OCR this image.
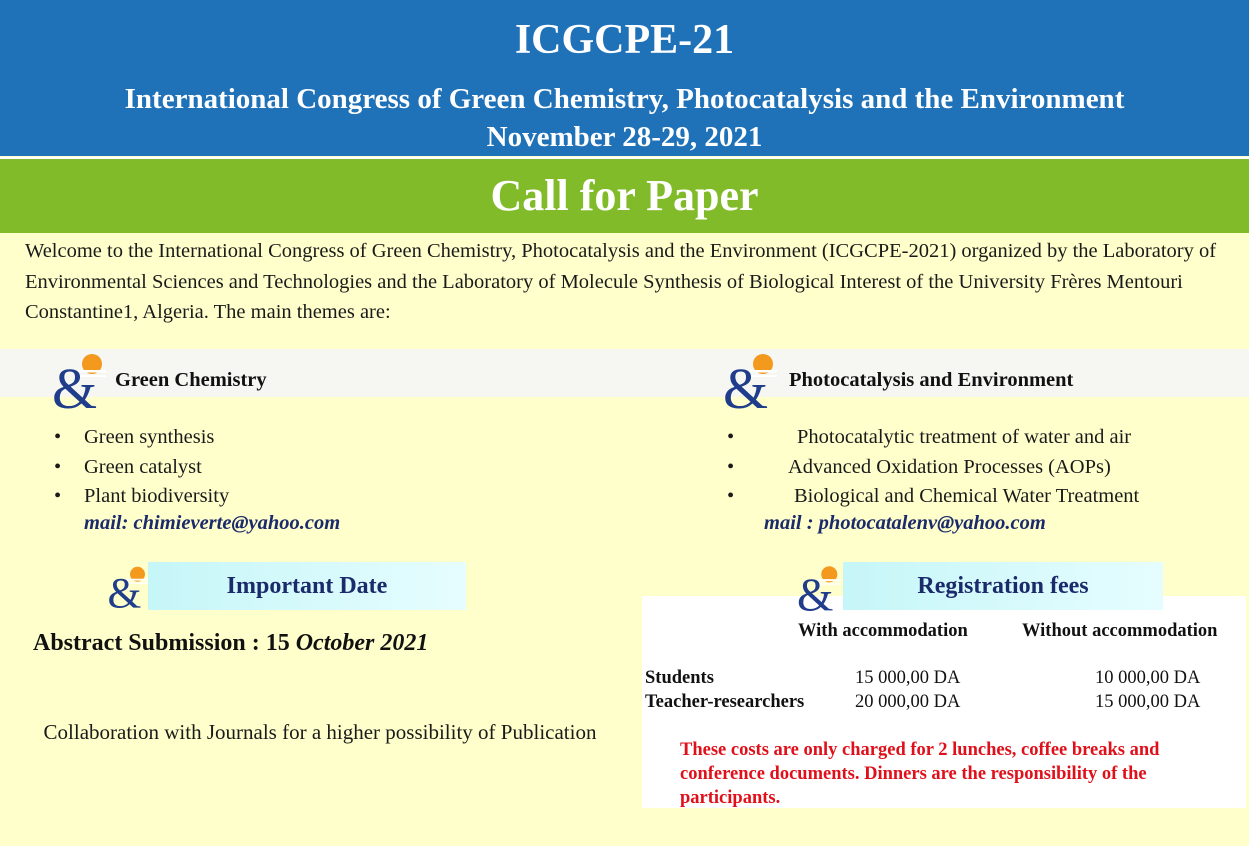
ICGCPE-21
International Congress of Green Chemistry, Photocatalysis and the Environment
November 28-29, 2021
Call for Paper
Welcome to the International Congress of Green Chemistry, Photocatalysis and the Environment (ICGCPE-2021) organized by the Laboratory of Environmental Sciences and Technologies and the Laboratory of Molecule Synthesis of Biological Interest of the University Frères Mentouri Constantine1, Algeria. The main themes are:
& Green Chemistry
• Green synthesis
• Green catalyst
• Plant biodiversity
mail: chimieverte@yahoo.com
& Photocatalysis and Environment
• Photocatalytic treatment of water and air
• Advanced Oxidation Processes (AOPs)
• Biological and Chemical Water Treatment
mail : photocatalenv@yahoo.com
&	Important Date
Abstract Submission : 15 October 2021
Collaboration with Journals for a higher possibility of Publication
&	Registration fees
With accommodation	Without accommodation
Students	15 000,00 DA	10 000,00 DA
Teacher-researchers	20 000,00 DA	15 000,00 DA
These costs are only charged for 2 lunches, coffee breaks and conference documents. Dinners are the responsibility of the participants.
